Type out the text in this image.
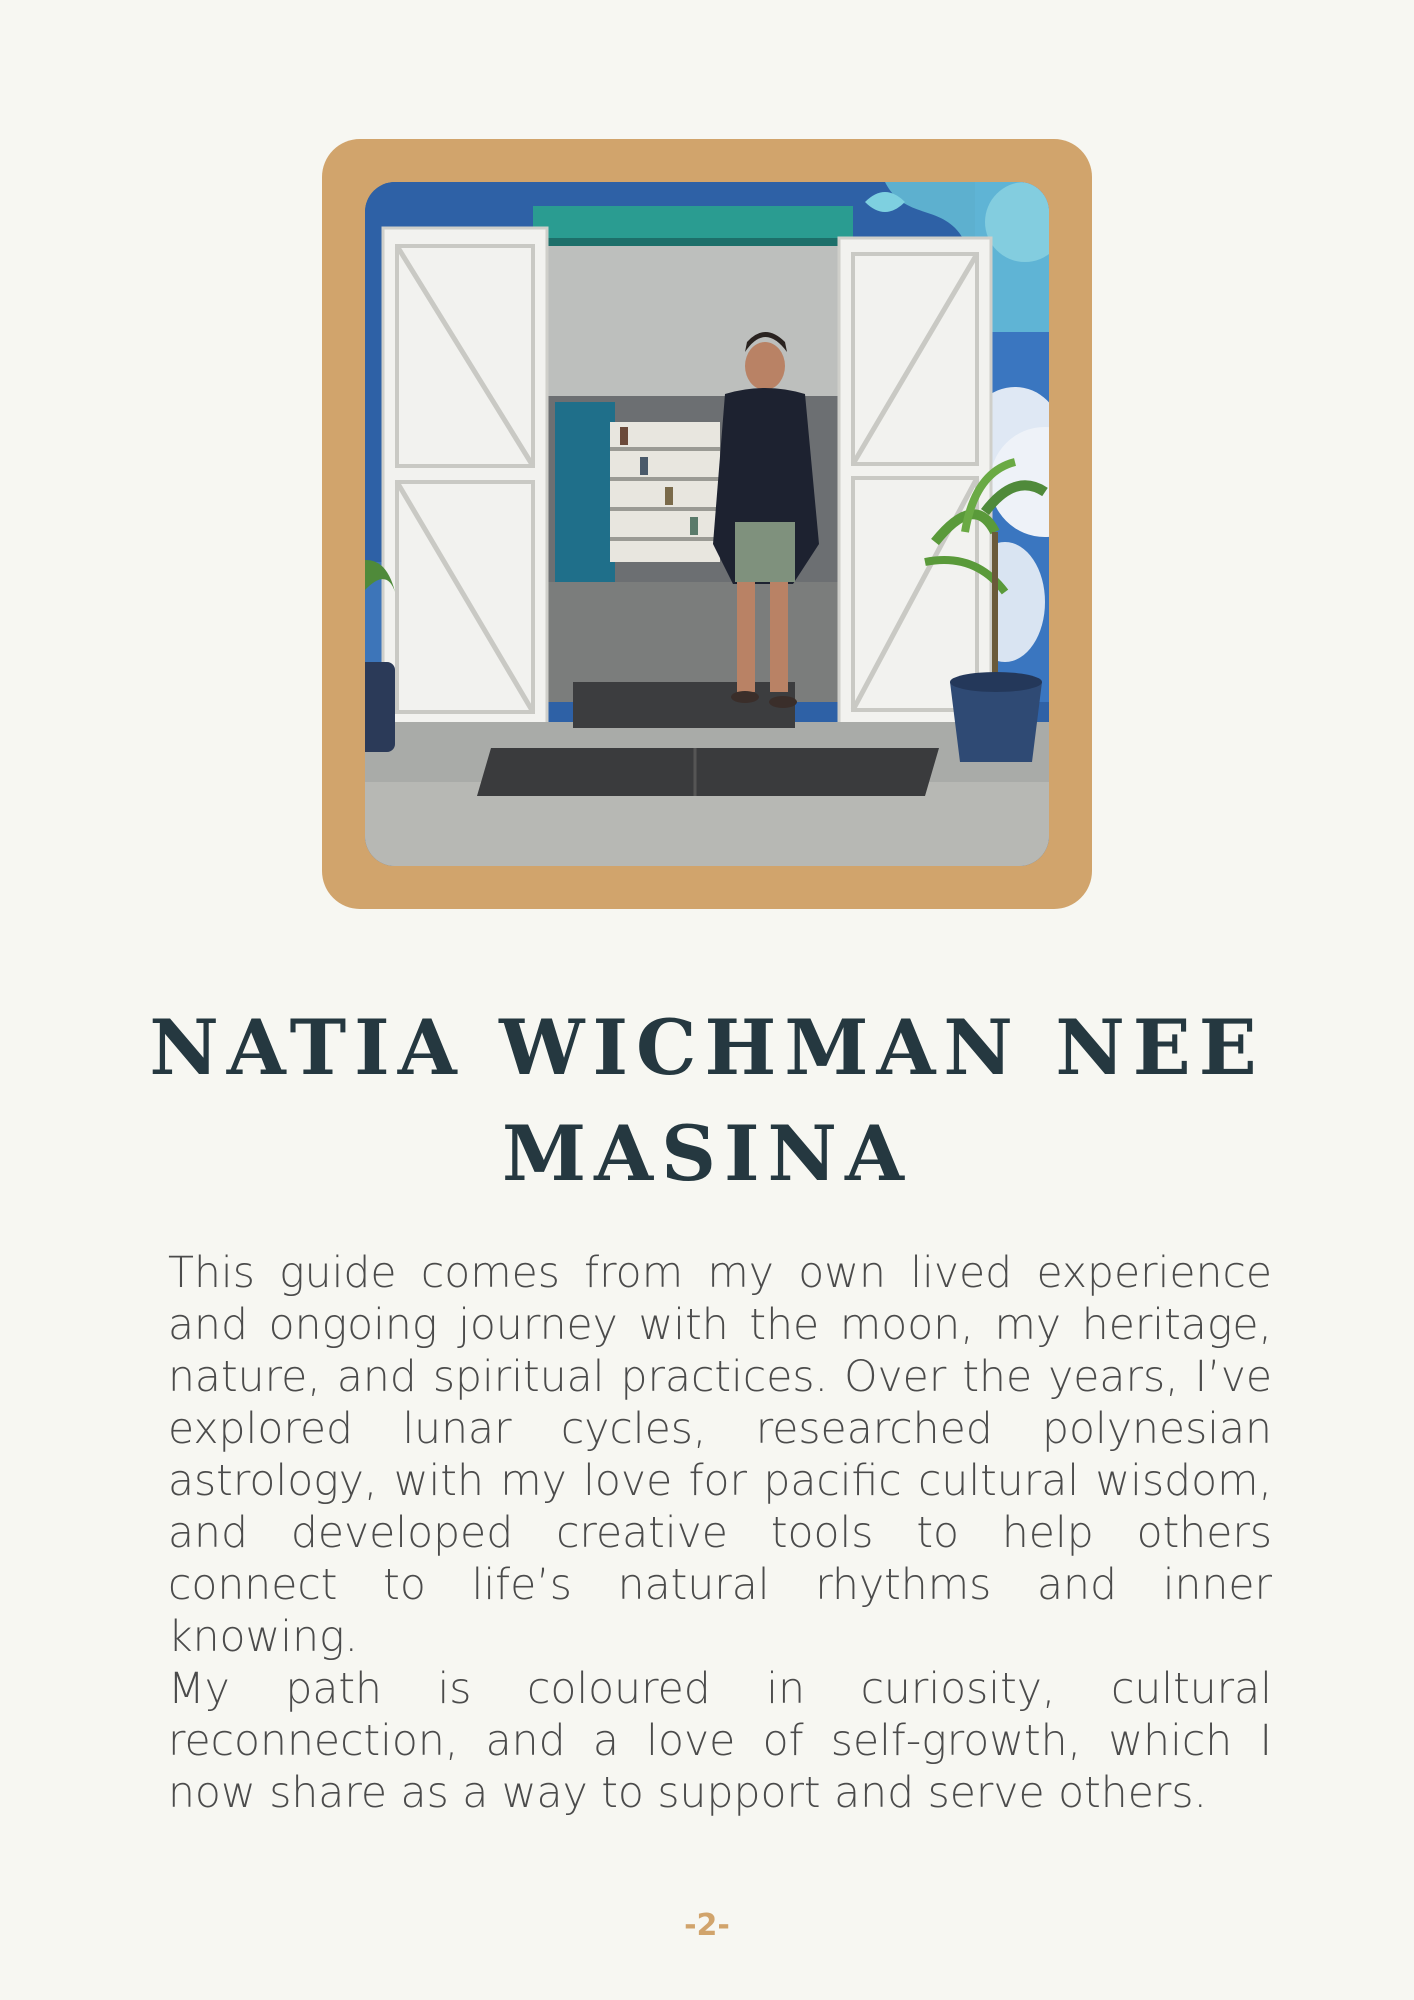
NATIA WICHMAN NEE MASINA

This guide comes from my own lived experience and ongoing journey with the moon, my heritage, nature, and spiritual practices. Over the years, I’ve explored lunar cycles, researched polynesian astrology, with my love for pacific cultural wisdom, and developed creative tools to help others connect to life’s natural rhythms and inner knowing.

My path is coloured in curiosity, cultural reconnection, and a love of self-growth, which I now share as a way to support and serve others.

-2-
